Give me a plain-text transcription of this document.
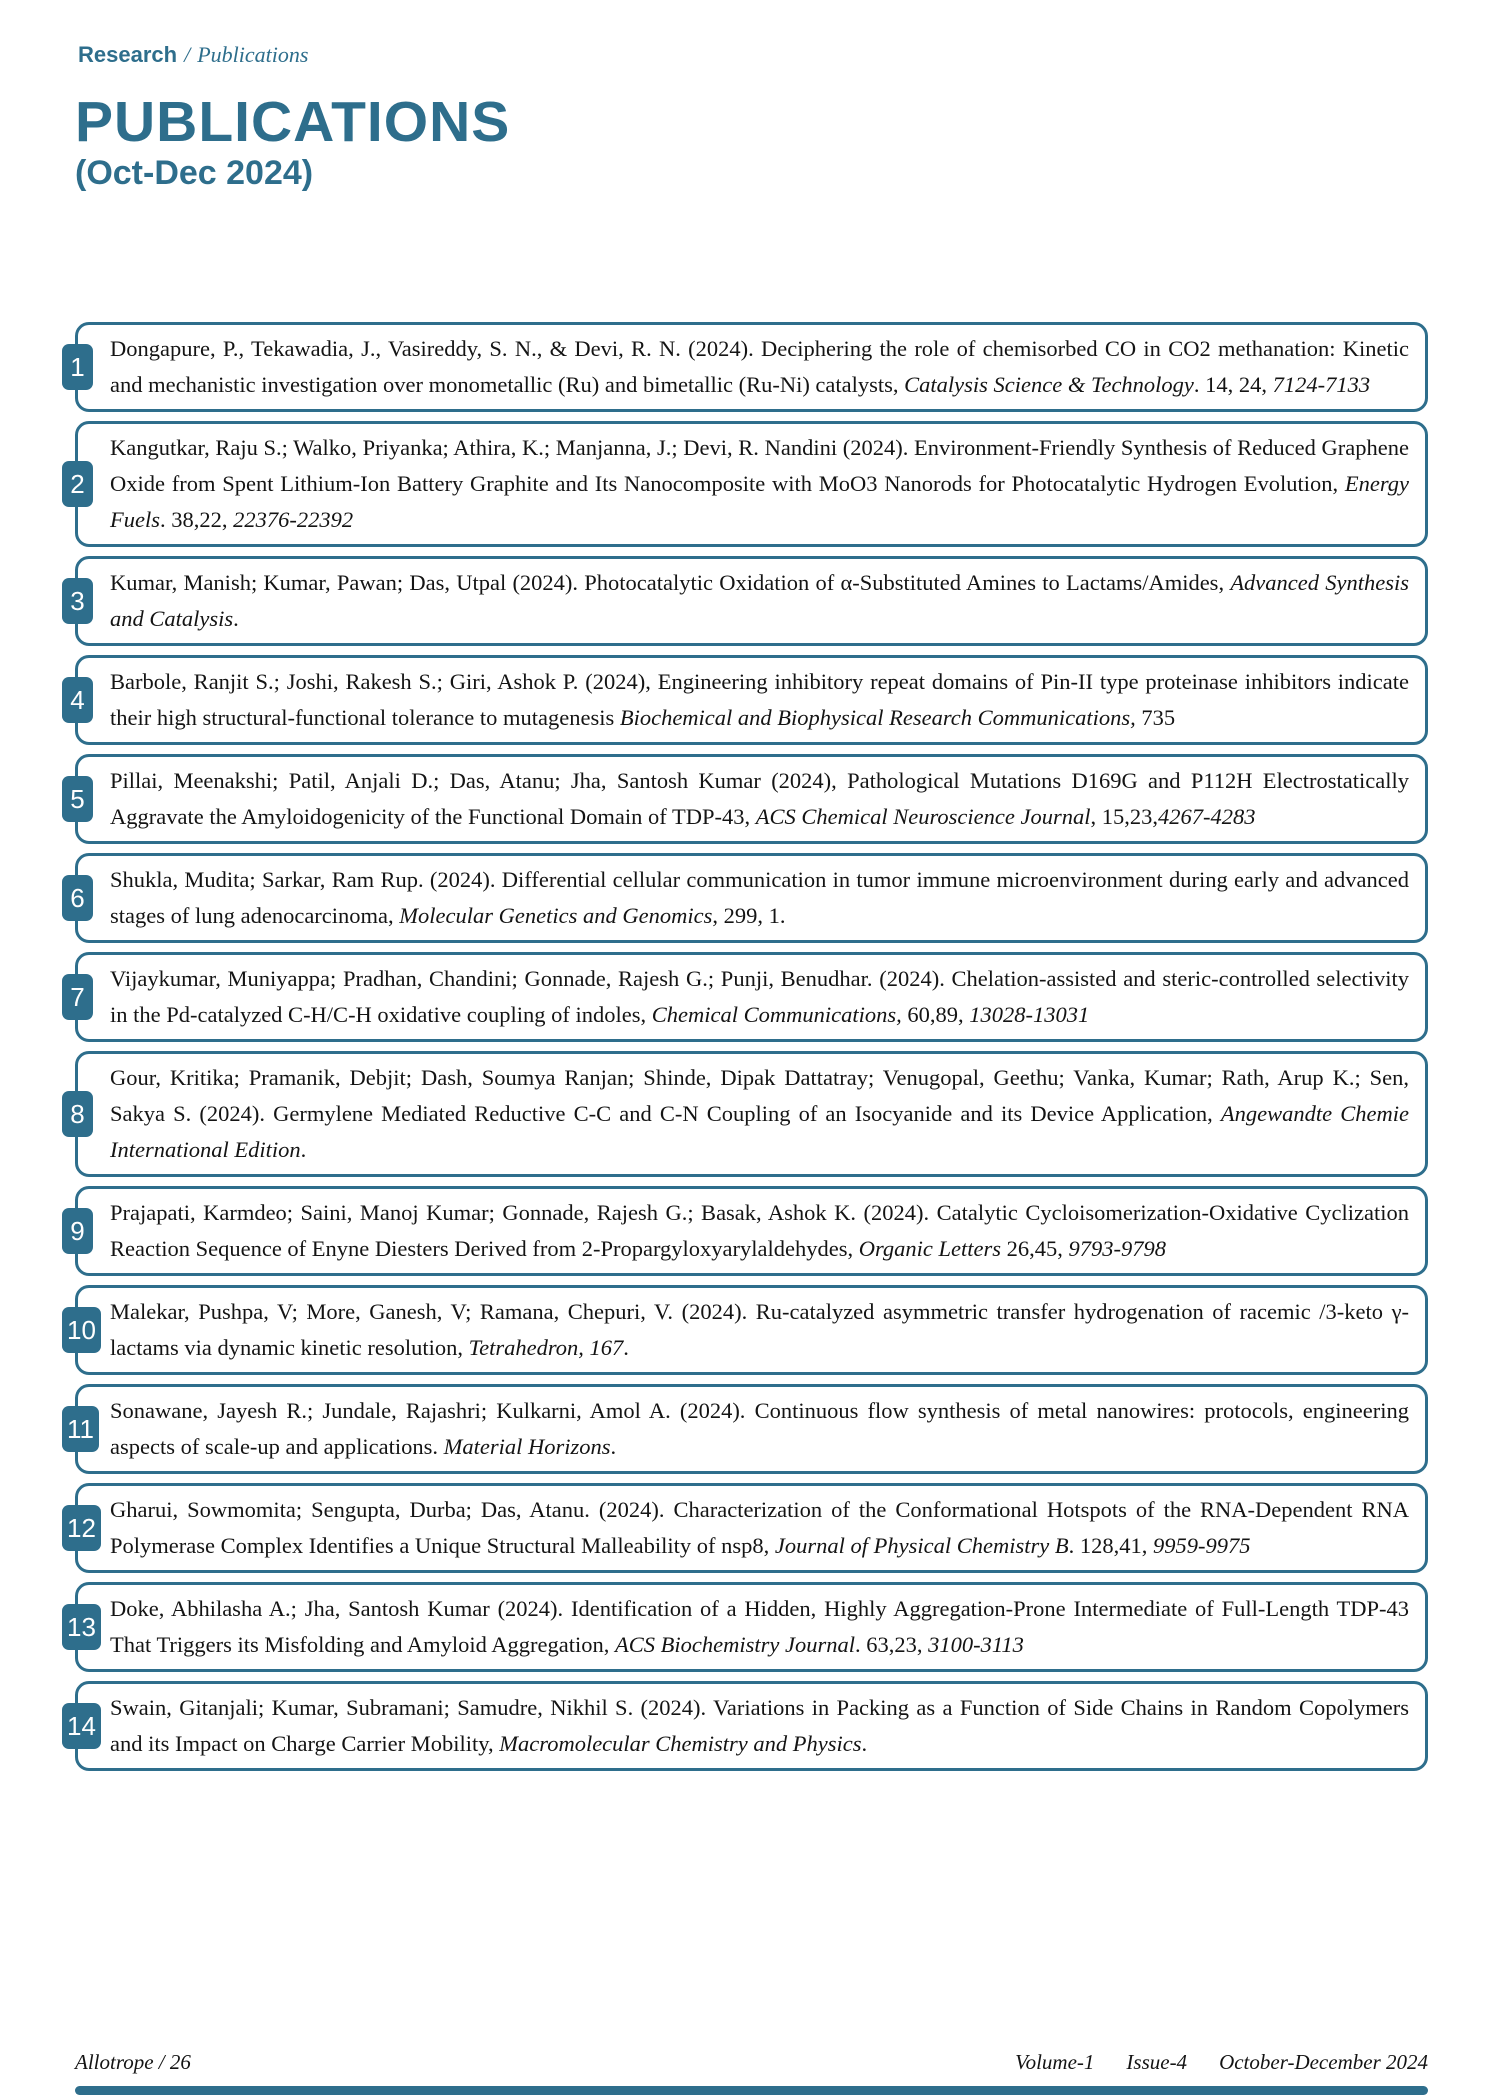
Research / Publications
PUBLICATIONS
(Oct-Dec 2024)
1

Dongapure, P., Tekawadia, J., Vasireddy, S. N., & Devi, R. N. (2024). Deciphering the role of chemisorbed CO in CO2 methanation: Kinetic and mechanistic investigation over monometallic (Ru) and bimetallic (Ru-Ni) catalysts, Catalysis Science & Technology. 14, 24, 7124-7133

2

Kangutkar, Raju S.; Walko, Priyanka; Athira, K.; Manjanna, J.; Devi, R. Nandini (2024). Environment-Friendly Synthesis of Reduced Graphene Oxide from Spent Lithium-Ion Battery Graphite and Its Nanocomposite with MoO3 Nanorods for Photocatalytic Hydrogen Evolution, Energy Fuels. 38,22, 22376-22392

3

Kumar, Manish; Kumar, Pawan; Das, Utpal (2024). Photocatalytic Oxidation of α-Substituted Amines to Lactams/Amides, Advanced Synthesis and Catalysis.

4

Barbole, Ranjit S.; Joshi, Rakesh S.; Giri, Ashok P. (2024), Engineering inhibitory repeat domains of Pin-II type proteinase inhibitors indicate their high structural-functional tolerance to mutagenesis Biochemical and Biophysical Research Communications, 735

5

Pillai, Meenakshi; Patil, Anjali D.; Das, Atanu; Jha, Santosh Kumar (2024), Pathological Mutations D169G and P112H Electrostatically Aggravate the Amyloidogenicity of the Functional Domain of TDP-43, ACS Chemical Neuroscience Journal, 15,23,4267-4283

6

Shukla, Mudita; Sarkar, Ram Rup. (2024). Differential cellular communication in tumor immune microenvironment during early and advanced stages of lung adenocarcinoma, Molecular Genetics and Genomics, 299, 1.

7

Vijaykumar, Muniyappa; Pradhan, Chandini; Gonnade, Rajesh G.; Punji, Benudhar. (2024). Chelation-assisted and steric-controlled selectivity in the Pd-catalyzed C-H/C-H oxidative coupling of indoles, Chemical Communications, 60,89, 13028-13031

8

Gour, Kritika; Pramanik, Debjit; Dash, Soumya Ranjan; Shinde, Dipak Dattatray; Venugopal, Geethu; Vanka, Kumar; Rath, Arup K.; Sen, Sakya S. (2024). Germylene Mediated Reductive C-C and C-N Coupling of an Isocyanide and its Device Application, Angewandte Chemie International Edition.

9

Prajapati, Karmdeo; Saini, Manoj Kumar; Gonnade, Rajesh G.; Basak, Ashok K. (2024). Catalytic Cycloisomerization-Oxidative Cyclization Reaction Sequence of Enyne Diesters Derived from 2-Propargyloxyarylaldehydes, Organic Letters 26,45, 9793-9798

10

Malekar, Pushpa, V; More, Ganesh, V; Ramana, Chepuri, V. (2024). Ru-catalyzed asymmetric transfer hydrogenation of racemic /3-keto γ-lactams via dynamic kinetic resolution, Tetrahedron, 167.

11

Sonawane, Jayesh R.; Jundale, Rajashri; Kulkarni, Amol A. (2024). Continuous flow synthesis of metal nanowires: protocols, engineering aspects of scale-up and applications. Material Horizons.

12

Gharui, Sowmomita; Sengupta, Durba; Das, Atanu. (2024). Characterization of the Conformational Hotspots of the RNA-Dependent RNA Polymerase Complex Identifies a Unique Structural Malleability of nsp8, Journal of Physical Chemistry B. 128,41, 9959-9975

13

Doke, Abhilasha A.; Jha, Santosh Kumar (2024). Identification of a Hidden, Highly Aggregation-Prone Intermediate of Full-Length TDP-43 That Triggers its Misfolding and Amyloid Aggregation, ACS Biochemistry Journal. 63,23, 3100-3113

14

Swain, Gitanjali; Kumar, Subramani; Samudre, Nikhil S. (2024). Variations in Packing as a Function of Side Chains in Random Copolymers and its Impact on Charge Carrier Mobility, Macromolecular Chemistry and Physics.

Allotrope / 26	Volume-1 Issue-4 October-December 2024
